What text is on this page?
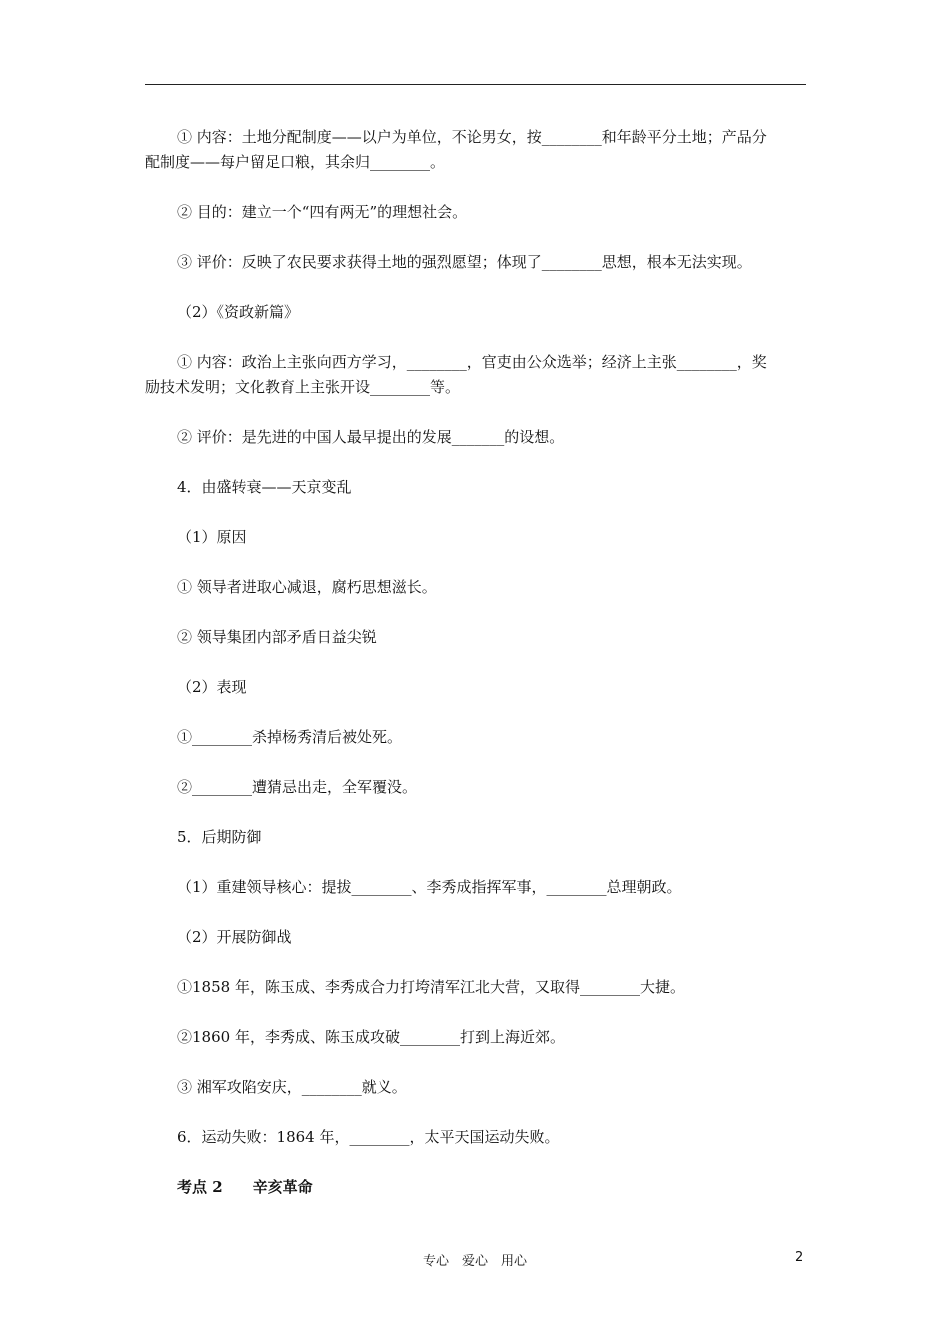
① 内容：土地分配制度——以户为单位，不论男女，按________和年龄平分土地；产品分
配制度——每户留足口粮，其余归________。
② 目的：建立一个“四有两无”的理想社会。
③ 评价：反映了农民要求获得土地的强烈愿望；体现了________思想，根本无法实现。
（2）《资政新篇》
① 内容：政治上主张向西方学习，________，官吏由公众选举；经济上主张________，奖
励技术发明；文化教育上主张开设________等。
② 评价：是先进的中国人最早提出的发展_______的设想。
4．由盛转衰——天京变乱
（1）原因
① 领导者进取心减退，腐朽思想滋长。
② 领导集团内部矛盾日益尖锐
（2）表现
①________杀掉杨秀清后被处死。
②________遭猜忌出走，全军覆没。
5．后期防御
（1）重建领导核心：提拔________、李秀成指挥军事，________总理朝政。
（2）开展防御战
①1858 年，陈玉成、李秀成合力打垮清军江北大营，又取得________大捷。
②1860 年，李秀成、陈玉成攻破________打到上海近郊。
③ 湘军攻陷安庆，________就义。
6．运动失败：1864 年，________，太平天国运动失败。
考点 2　　辛亥革命
专心　爱心　用心	2
